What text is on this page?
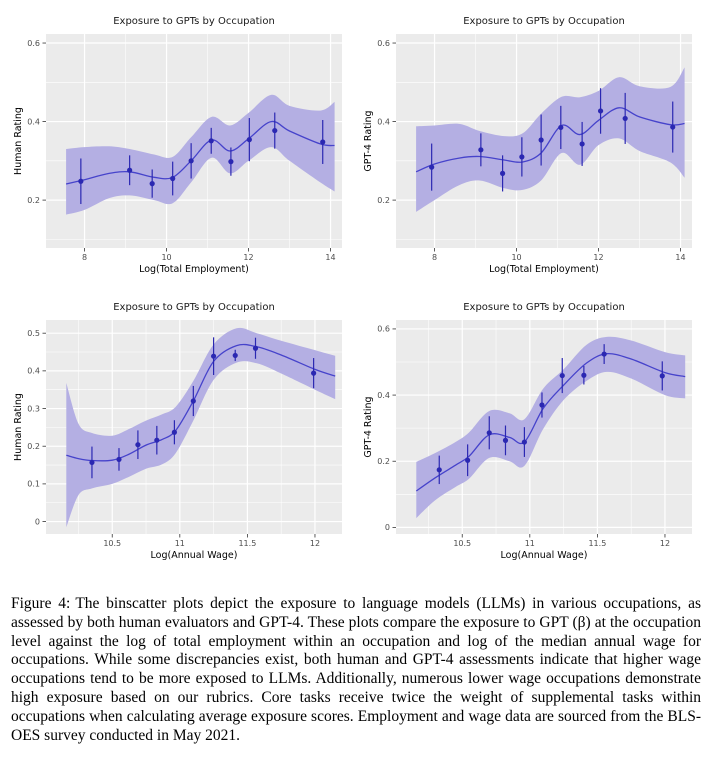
8	10	12	14
0.2
0.4
0.6
Exposure to GPTs by Occupation
Log(Total Employment)
Human Rating
8	10	12	14
0.2
0.4
0.6
Exposure to GPTs by Occupation
Log(Total Employment)
GPT-4 Rating
10.5	11	11.5	12
0
0.1
0.2
0.3
0.4
0.5
Exposure to GPTs by Occupation
Log(Annual Wage)
Human Rating
10.5	11	11.5	12
0
0.2
0.4
0.6
Exposure to GPTs by Occupation
Log(Annual Wage)
GPT-4 Rating

Figure 4: The binscatter plots depict the exposure to language models (LLMs) in various occupations, as assessed by both human evaluators and GPT-4. These plots compare the exposure to GPT (β) at the occupation level against the log of total employment within an occupation and log of the median annual wage for occupations. While some discrepancies exist, both human and GPT-4 assessments indicate that higher wage occupations tend to be more exposed to LLMs. Additionally, numerous lower wage occupations demonstrate high exposure based on our rubrics. Core tasks receive twice the weight of supplemental tasks within occupations when calculating average exposure scores. Employment and wage data are sourced from the BLS-OES survey conducted in May 2021.
